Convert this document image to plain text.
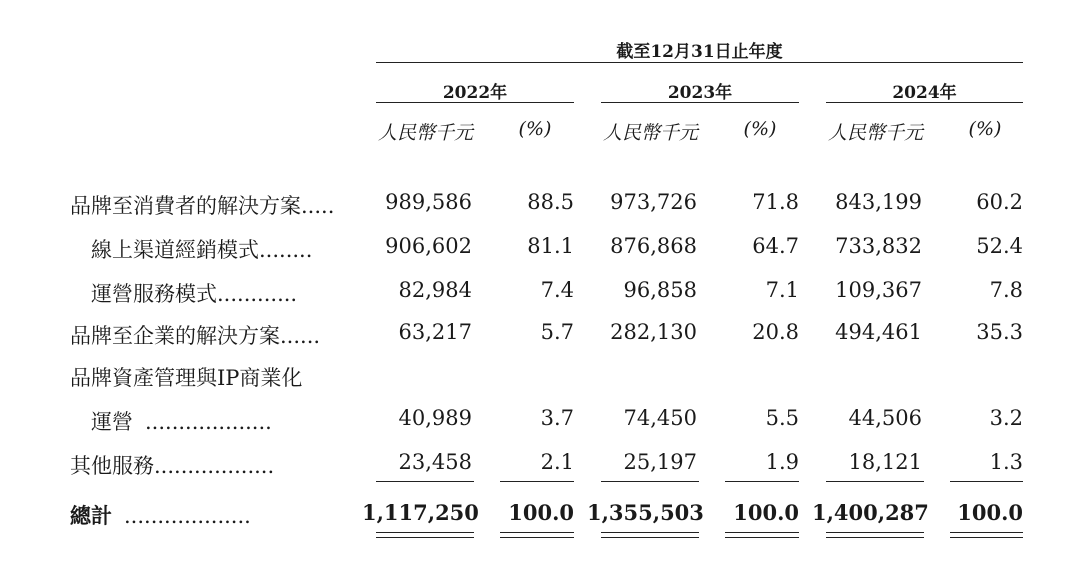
截至12月31日止年度
2022年	2023年	2024年
人民幣千元	(%)	人民幣千元	(%)	人民幣千元	(%)
品牌至消費者的解決方案.....	989,586	88.5	973,726	71.8	843,199	60.2
線上渠道經銷模式........	906,602	81.1	876,868	64.7	733,832	52.4
運營服務模式............	82,984	7.4	96,858	7.1	109,367	7.8
品牌至企業的解決方案......	63,217	5.7	282,130	20.8	494,461	35.3
品牌資產管理與IP商業化
運營 ...................	40,989	3.7	74,450	5.5	44,506	3.2
其他服務..................	23,458	2.1	25,197	1.9	18,121	1.3
總計 ...................	1,117,250	100.0 1,355,503	100.0 1,400,287	100.0
